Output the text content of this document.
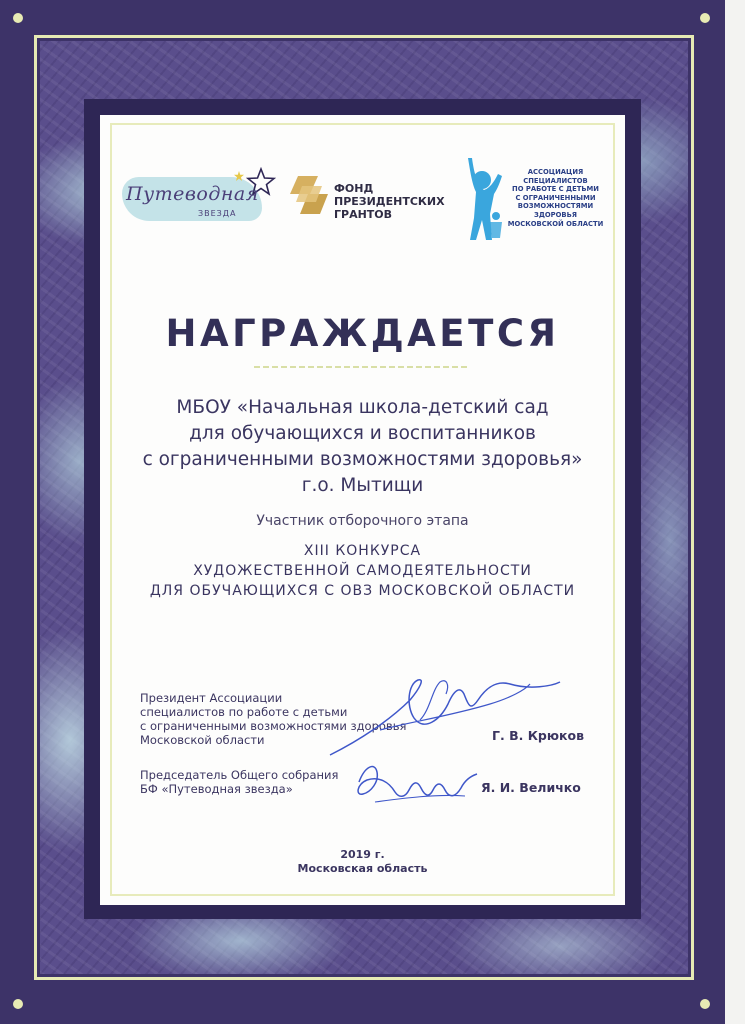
Путеводная
ЗВЕЗДА
ФОНД
ПРЕЗИДЕНТСКИХ
ГРАНТОВ
АССОЦИАЦИЯ СПЕЦИАЛИСТОВ
ПО РАБОТЕ С ДЕТЬМИ
С ОГРАНИЧЕННЫМИ
ВОЗМОЖНОСТЯМИ ЗДОРОВЬЯ
МОСКОВСКОЙ ОБЛАСТИ
НАГРАЖДАЕТСЯ
МБОУ «Начальная школа-детский сад
для обучающихся и воспитанников
с ограниченными возможностями здоровья»
г.о. Мытищи
Участник отборочного этапа
XIII КОНКУРСА
ХУДОЖЕСТВЕННОЙ САМОДЕЯТЕЛЬНОСТИ
ДЛЯ ОБУЧАЮЩИХСЯ С ОВЗ МОСКОВСКОЙ ОБЛАСТИ
Президент Ассоциации
специалистов по работе с детьми
с ограниченными возможностями здоровья
Московской области	Г. В. Крюков
Председатель Общего собрания
БФ «Путеводная звезда»	Я. И. Величко
2019 г.
Московская область
